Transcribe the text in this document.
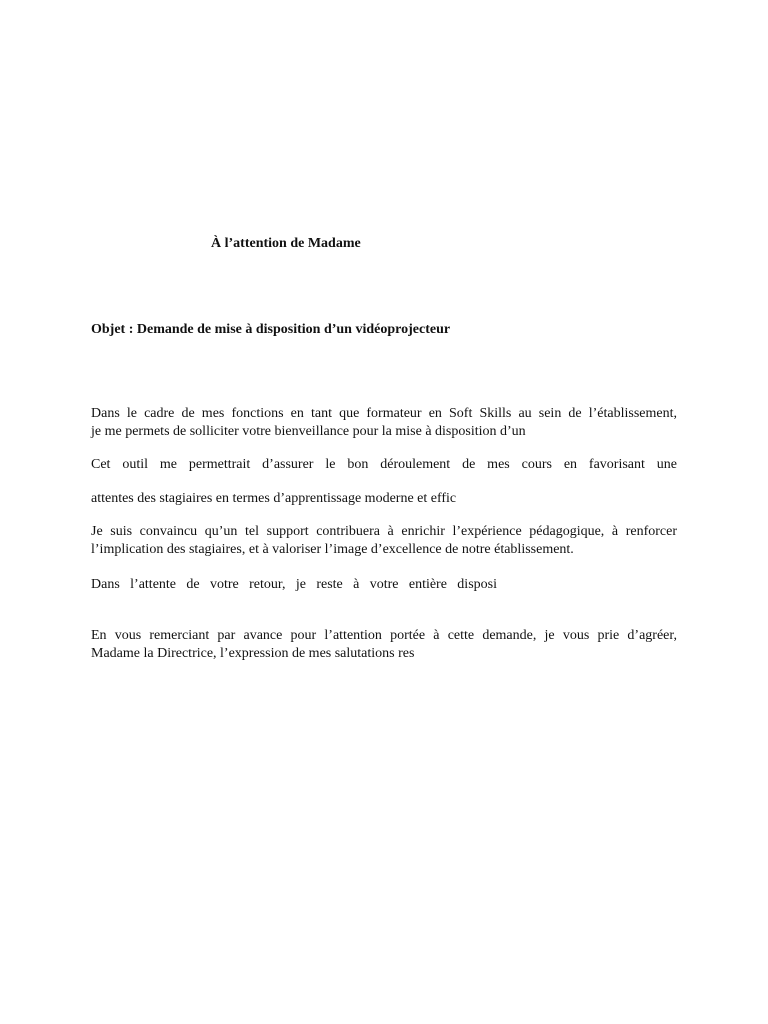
À l’attention de Madame
Objet : Demande de mise à disposition d’un vidéoprojecteur
Dans le cadre de mes fonctions en tant que formateur en Soft Skills au sein de l’établissement,
je me permets de solliciter votre bienveillance pour la mise à disposition d’un
Cet outil me permettrait d’assurer le bon déroulement de mes cours en favorisant une
attentes des stagiaires en termes d’apprentissage moderne et effic
Je suis convaincu qu’un tel support contribuera à enrichir l’expérience pédagogique, à renforcer
l’implication des stagiaires, et à valoriser l’image d’excellence de notre établissement.
Dans l’attente de votre retour, je reste à votre entière disposi
En vous remerciant par avance pour l’attention portée à cette demande, je vous prie d’agréer,
Madame la Directrice, l’expression de mes salutations res
